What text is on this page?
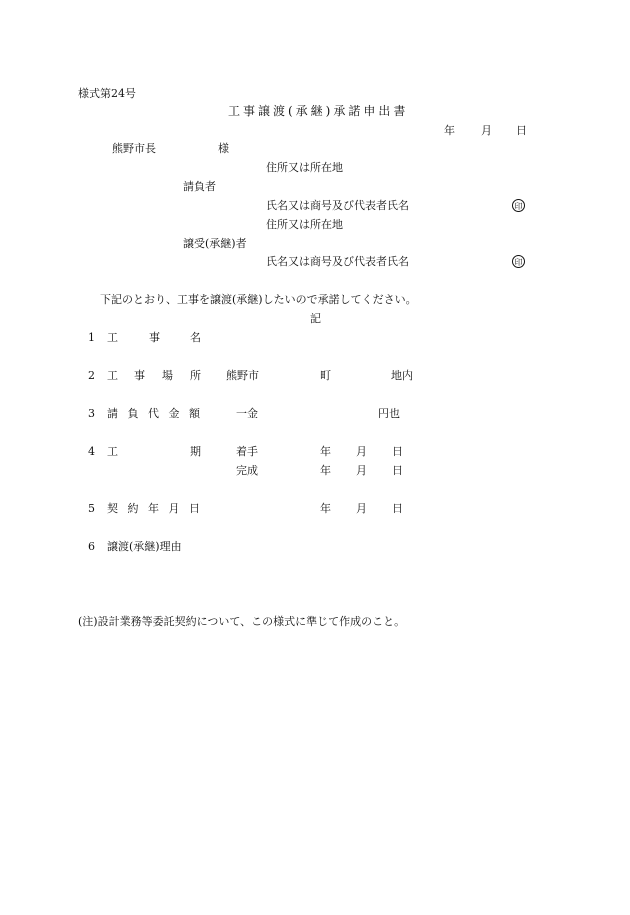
様式第24号
工事譲渡(承継)承諾申出書
年 月 日
熊野市長	様
住所又は所在地
請負者
氏名又は商号及び代表者氏名	印
住所又は所在地
譲受(承継)者
氏名又は商号及び代表者氏名	印
下記のとおり、工事を譲渡(承継)したいので承諾してください。
記
1 工	事	名
2 工 事 場 所 熊野市	町	地内
3 請負代金額 一金	円也
4 工	期	着手	年 月 日
完成	年 月 日
5 契約年月日	年 月 日
6 譲渡(承継)理由
(注)設計業務等委託契約について、この様式に準じて作成のこと。
